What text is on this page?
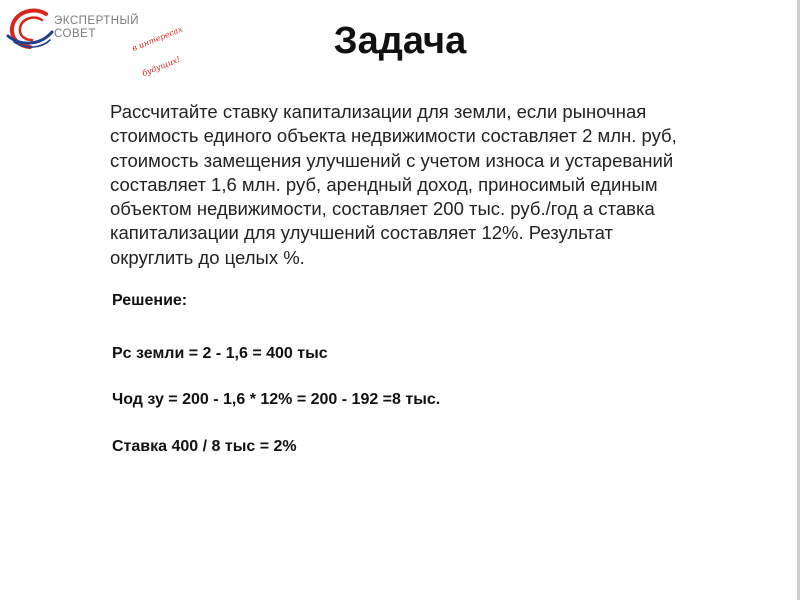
ЭКСПЕРТНЫЙ
СОВЕТ

	в интересах

будущих!

Задача
Рассчитайте ставку капитализации для земли, если рыночная
стоимость единого объекта недвижимости составляет 2 млн. руб,
стоимость замещения улучшений с учетом износа и устареваний
составляет 1,6 млн. руб, арендный доход, приносимый единым
объектом недвижимости, составляет 200 тыс. руб./год а ставка
капитализации для улучшений составляет 12%. Результат
округлить до целых %.
Решение:
Рс земли = 2 - 1,6 = 400 тыс
Чод зу = 200 - 1,6 * 12% = 200 - 192 =8 тыс.
Ставка 400 / 8 тыс = 2%
